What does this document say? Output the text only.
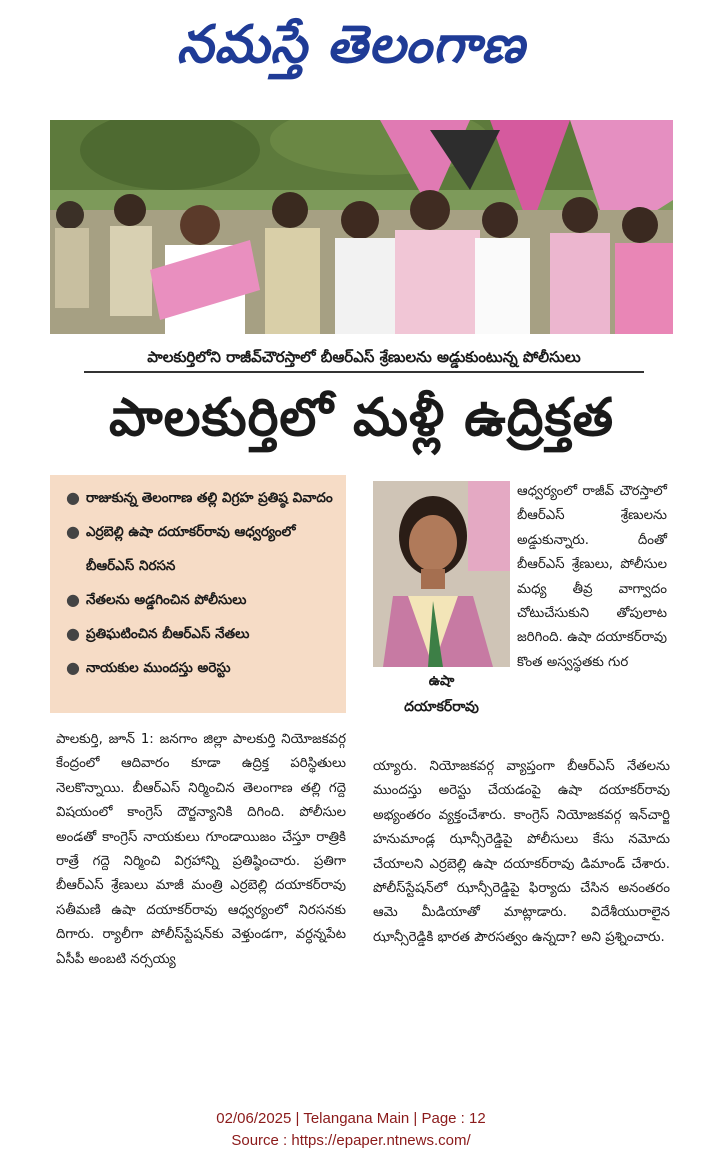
నమస్తే తెలంగాణ
పాలకుర్తిలోని రాజీవ్‌చౌరస్తాలో బీఆర్‌ఎస్‌ శ్రేణులను అడ్డుకుంటున్న పోలీసులు
పాలకుర్తిలో మళ్లీ ఉద్రిక్తత
● రాజుకున్న తెలంగాణ తల్లి విగ్రహ ప్రతిష్ఠ వివాదం
● ఎర్రబెల్లి ఉషా దయాకర్‌రావు ఆధ్వర్యంలో బీఆర్‌ఎస్‌ నిరసన
● నేతలను అడ్డగించిన పోలీసులు
● ప్రతిఘటించిన బీఆర్‌ఎస్‌ నేతలు
● నాయకుల ముందస్తు అరెస్టు
ఉషా
దయాకర్‌రావు

ఆధ్వర్యంలో రాజీవ్‌ చౌరస్తాలో బీఆర్‌ఎస్‌ శ్రేణులను అడ్డుకున్నారు. దీంతో బీఆర్‌ఎస్‌ శ్రేణులు, పోలీసుల మధ్య తీవ్ర వాగ్వాదం చోటుచేసుకుని తోపులాట జరిగింది. ఉషా దయాకర్‌రావు కొంత అస్వస్థతకు గుర

పాలకుర్తి, జూన్‌ 1: జనగాం జిల్లా పాలకుర్తి నియోజకవర్గ కేంద్రంలో ఆదివారం కూడా ఉద్రిక్త పరిస్థితులు నెలకొన్నాయి. బీఆర్‌ఎస్‌ నిర్మించిన తెలంగాణ తల్లి గద్దె విషయంలో కాంగ్రెస్‌ దౌర్జన్యానికి దిగింది. పోలీసుల అండతో కాంగ్రెస్‌ నాయకులు గూండాయిజం చేస్తూ రాత్రికి రాత్రే గద్దె నిర్మించి విగ్రహాన్ని ప్రతిష్ఠించారు. ప్రతిగా బీఆర్‌ఎస్‌ శ్రేణులు మాజీ మంత్రి ఎర్రబెల్లి దయాకర్‌రావు సతీమణి ఉషా దయాకర్‌రావు ఆధ్వర్యంలో నిరసనకు దిగారు. ర్యాలీగా పోలీస్‌స్టేషన్‌కు వెళ్తుండగా, వర్ధన్నపేట ఏసీపీ అంబటి నర్సయ్య

య్యారు. నియోజకవర్గ వ్యాప్తంగా బీఆర్‌ఎస్‌ నేతలను ముందస్తు అరెస్టు చేయడంపై ఉషా దయాకర్‌రావు అభ్యంతరం వ్యక్తంచేశారు. కాంగ్రెస్‌ నియోజకవర్గ ఇన్‌చార్జి హనుమాండ్ల ఝాన్సీరెడ్డిపై పోలీసులు కేసు నమోదు చేయాలని ఎర్రబెల్లి ఉషా దయాకర్‌రావు డిమాండ్‌ చేశారు. పోలీస్‌స్టేషన్‌లో ఝాన్సీరెడ్డిపై ఫిర్యాదు చేసిన అనంతరం ఆమె మీడియాతో మాట్లాడారు. విదేశీయురాలైన ఝాన్సీరెడ్డికి భారత పౌరసత్వం ఉన్నదా? అని ప్రశ్నించారు.

02/06/2025 | Telangana Main | Page : 12
Source : https://epaper.ntnews.com/
